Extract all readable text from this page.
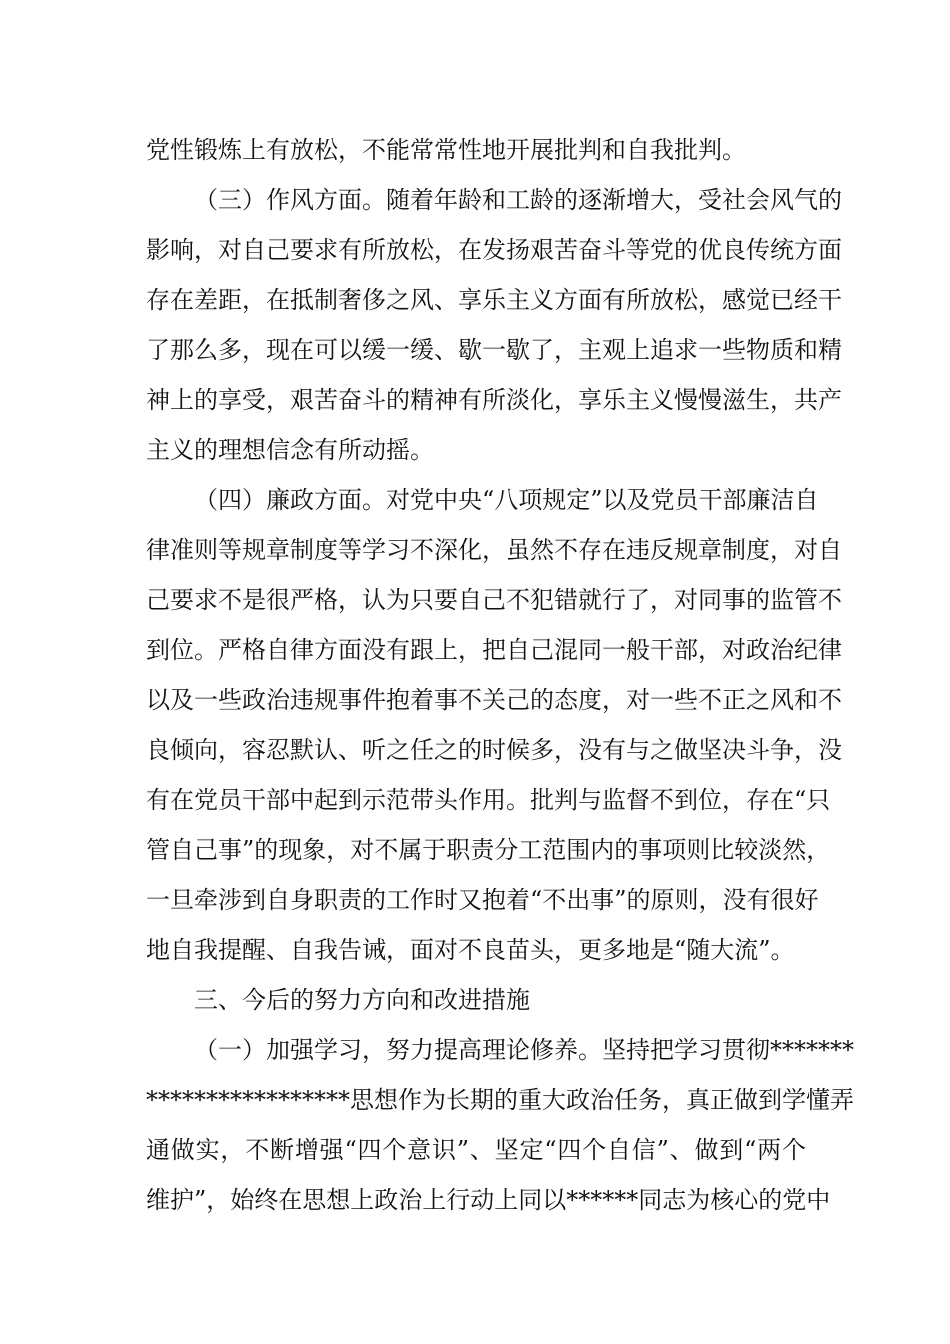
党性锻炼上有放松，不能常常性地开展批判和自我批判。
（三）作风方面。随着年龄和工龄的逐渐增大，受社会风气的
影响，对自己要求有所放松，在发扬艰苦奋斗等党的优良传统方面
存在差距，在抵制奢侈之风、享乐主义方面有所放松，感觉已经干
了那么多，现在可以缓一缓、歇一歇了，主观上追求一些物质和精
神上的享受，艰苦奋斗的精神有所淡化，享乐主义慢慢滋生，共产
主义的理想信念有所动摇。
（四）廉政方面。对党中央“八项规定”以及党员干部廉洁自
律准则等规章制度等学习不深化，虽然不存在违反规章制度，对自
己要求不是很严格，认为只要自己不犯错就行了，对同事的监管不
到位。严格自律方面没有跟上，把自己混同一般干部，对政治纪律
以及一些政治违规事件抱着事不关己的态度，对一些不正之风和不
良倾向，容忍默认、听之任之的时候多，没有与之做坚决斗争，没
有在党员干部中起到示范带头作用。批判与监督不到位，存在“只
管自己事”的现象，对不属于职责分工范围内的事项则比较淡然，
一旦牵涉到自身职责的工作时又抱着“不出事”的原则，没有很好
地自我提醒、自我告诫，面对不良苗头，更多地是“随大流”。
三、今后的努力方向和改进措施
（一）加强学习，努力提高理论修养。坚持把学习贯彻*******
*****************思想作为长期的重大政治任务，真正做到学懂弄
通做实，不断增强“四个意识”、坚定“四个自信”、做到“两个
维护”，始终在思想上政治上行动上同以******同志为核心的党中
